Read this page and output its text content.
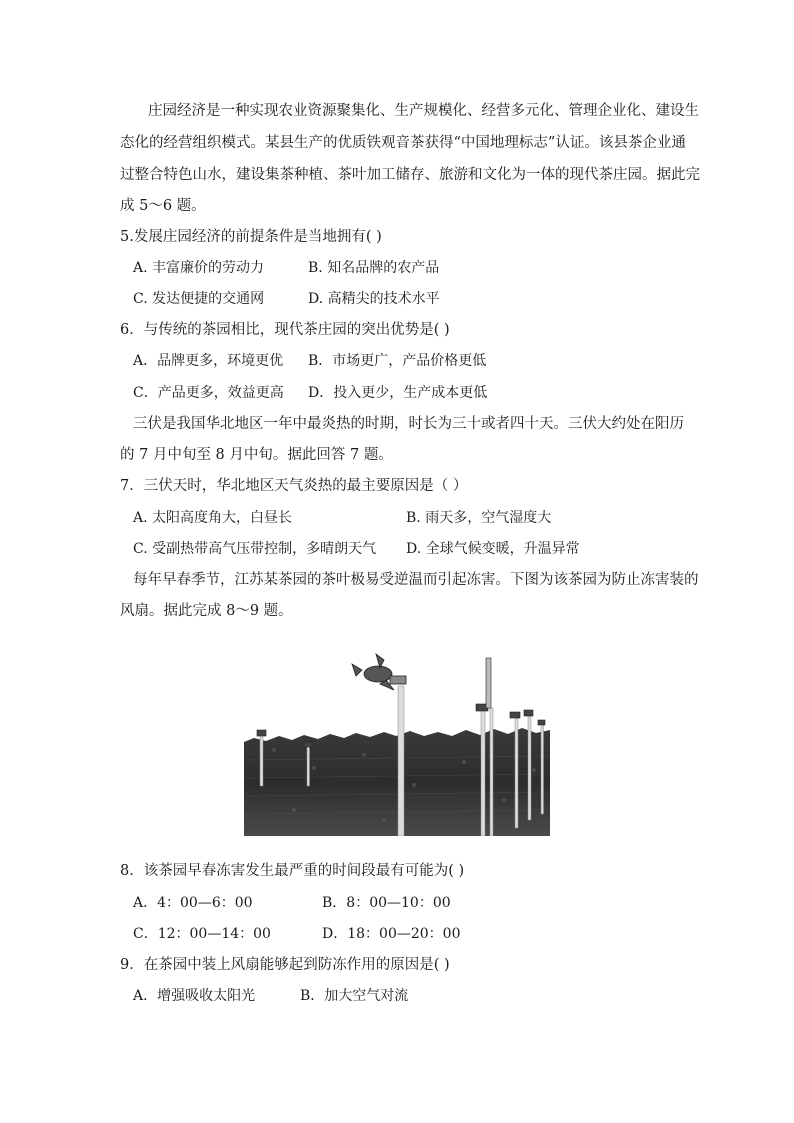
庄园经济是一种实现农业资源聚集化、生产规模化、经营多元化、管理企业化、建设生
态化的经营组织模式。某县生产的优质铁观音茶获得“中国地理标志”认证。该县茶企业通
过整合特色山水，建设集茶种植、茶叶加工储存、旅游和文化为一体的现代茶庄园。据此完
成 5～6 题。
5.发展庄园经济的前提条件是当地拥有( )
A. 丰富廉价的劳动力	B. 知名品牌的农产品
C. 发达便捷的交通网	D. 高精尖的技术水平
6．与传统的茶园相比，现代茶庄园的突出优势是( )
A．品牌更多，环境更优 B．市场更广，产品价格更低
C．产品更多，效益更高 D．投入更少，生产成本更低
三伏是我国华北地区一年中最炎热的时期，时长为三十或者四十天。三伏大约处在阳历
的 7 月中旬至 8 月中旬。据此回答 7 题。
7．三伏天时，华北地区天气炎热的最主要原因是（ ）
A. 太阳高度角大，白昼长	B. 雨天多，空气湿度大
C. 受副热带高气压带控制，多晴朗天气 D. 全球气候变暖，升温异常
每年早春季节，江苏某茶园的茶叶极易受逆温而引起冻害。下图为该茶园为防止冻害装的
风扇。据此完成 8～9 题。
8．该茶园早春冻害发生最严重的时间段最有可能为( )
A．4：00—6：00	B．8：00—10：00
C．12：00—14：00	D．18：00—20：00
9．在茶园中装上风扇能够起到防冻作用的原因是( )
A．增强吸收太阳光	B．加大空气对流
